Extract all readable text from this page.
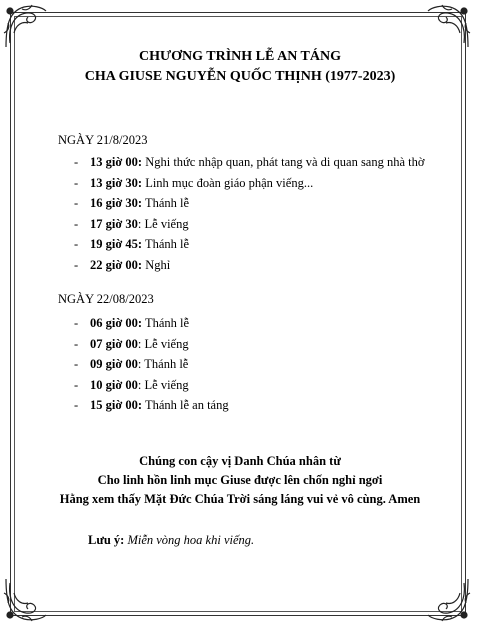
CHƯƠNG TRÌNH LỄ AN TÁNG
CHA GIUSE NGUYỄN QUỐC THỊNH (1977-2023)
NGÀY 21/8/2023
- 13 giờ 00: Nghi thức nhập quan, phát tang và di quan sang nhà thờ
- 13 giờ 30: Linh mục đoàn giáo phận viếng...
- 16 giờ 30: Thánh lễ
- 17 giờ 30: Lễ viếng
- 19 giờ 45: Thánh lễ
- 22 giờ 00: Nghỉ
NGÀY 22/08/2023
- 06 giờ 00: Thánh lễ
- 07 giờ 00: Lễ viếng
- 09 giờ 00: Thánh lễ
- 10 giờ 00: Lễ viếng
- 15 giờ 00: Thánh lễ an táng
Chúng con cậy vị Danh Chúa nhân từ
Cho linh hồn linh mục Giuse được lên chốn nghỉ ngơi
Hằng xem thấy Mặt Đức Chúa Trời sáng láng vui vẻ vô cùng. Amen
Lưu ý: Miễn vòng hoa khi viếng.
